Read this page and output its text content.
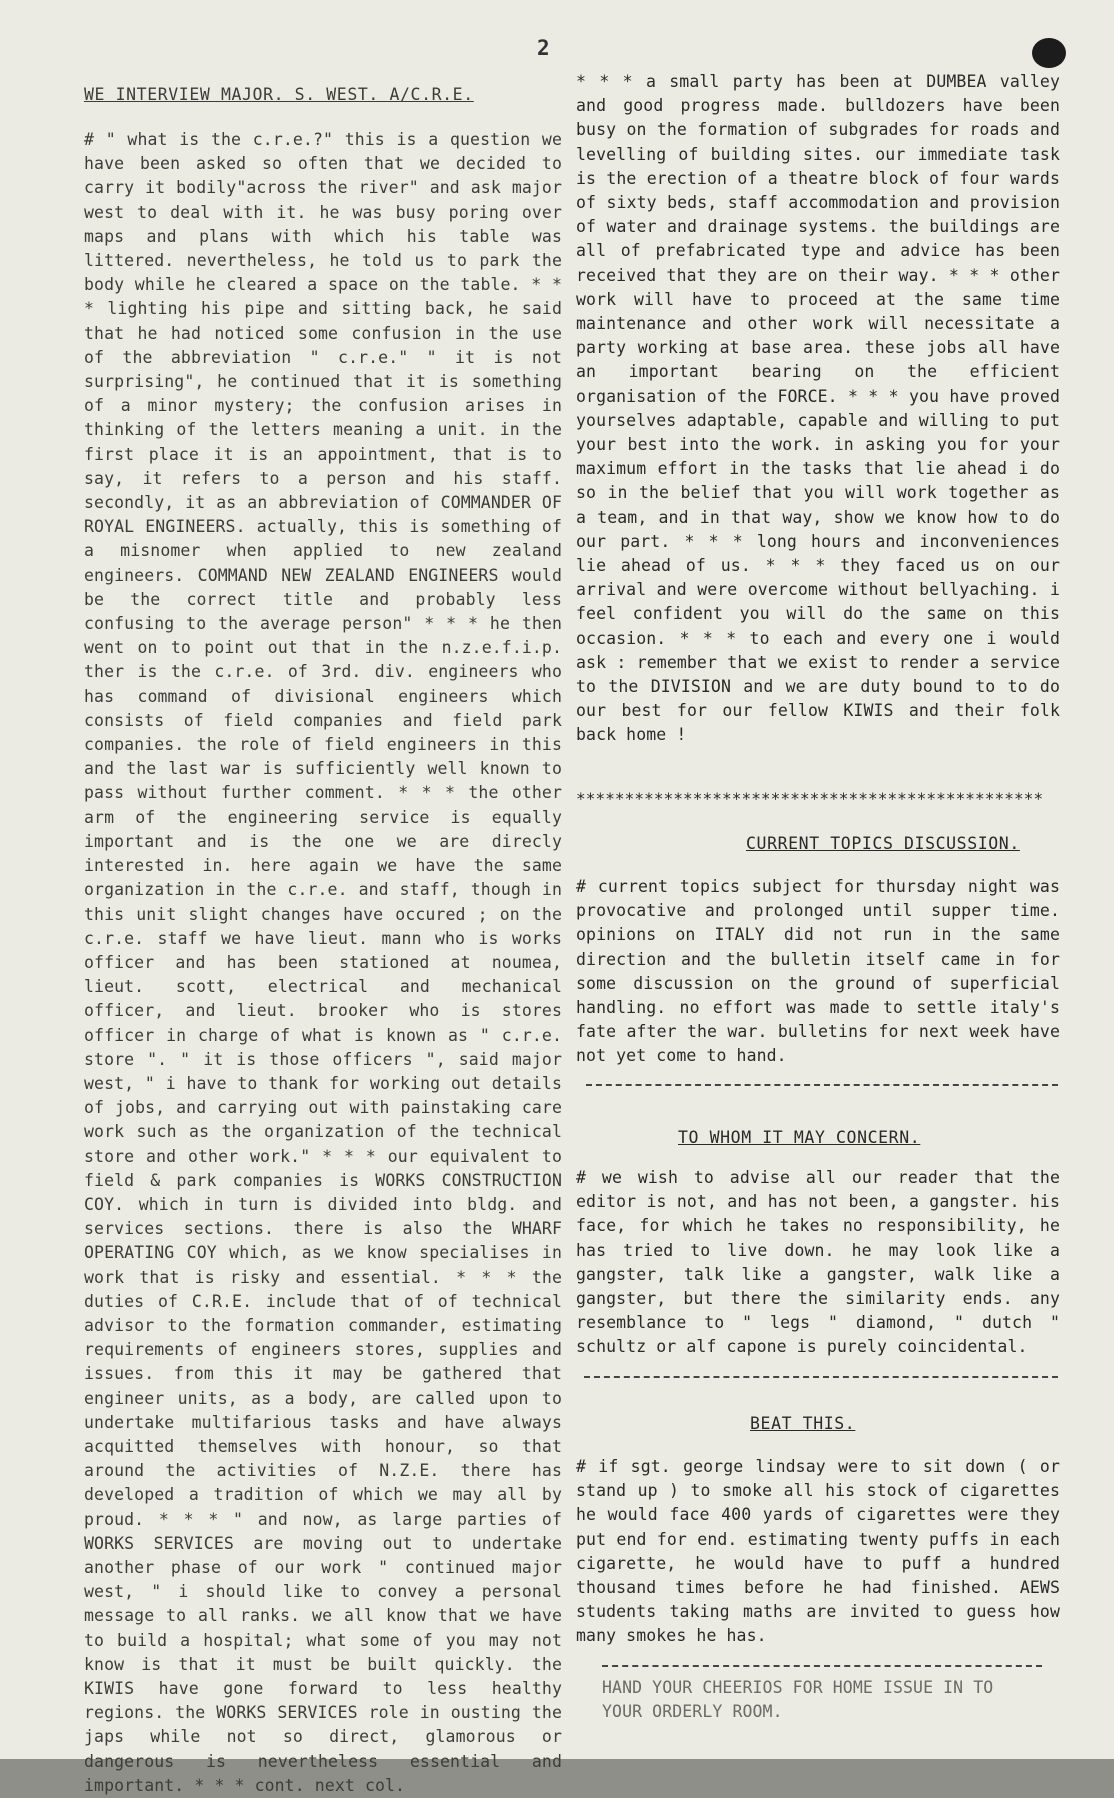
2
WE INTERVIEW MAJOR. S. WEST. A/C.R.E.
# " what is the c.r.e.?" this is a question we have been asked so often that we decided to carry it bodily"across the river" and ask major west to deal with it. he was busy poring over maps and plans with which his table was littered. nevertheless, he told us to park the body while he cleared a space on the table. * * * lighting his pipe and sitting back, he said that he had noticed some confusion in the use of the abbreviation " c.r.e." " it is not surprising", he continued that it is something of a minor mystery; the confusion arises in thinking of the letters meaning a unit. in the first place it is an appointment, that is to say, it refers to a person and his staff. secondly, it as an abbreviation of COMMANDER OF ROYAL ENGINEERS. actually, this is something of a misnomer when applied to new zealand engineers. COMMAND NEW ZEALAND ENGINEERS would be the correct title and probably less confusing to the average person" * * * he then went on to point out that in the n.z.e.f.i.p. ther is the c.r.e. of 3rd. div. engineers who has command of divisional engineers which consists of field companies and field park companies. the role of field engineers in this and the last war is sufficiently well known to pass without further comment. * * * the other arm of the engineering service is equally important and is the one we are direcly interested in. here again we have the same organization in the c.r.e. and staff, though in this unit slight changes have occured ; on the c.r.e. staff we have lieut. mann who is works officer and has been stationed at noumea, lieut. scott, electrical and mechanical officer, and lieut. brooker who is stores officer in charge of what is known as " c.r.e. store ". " it is those officers ", said major west, " i have to thank for working out details of jobs, and carrying out with painstaking care work such as the organization of the technical store and other work." * * * our equivalent to field & park companies is WORKS CONSTRUCTION COY. which in turn is divided into bldg. and services sections. there is also the WHARF OPERATING COY which, as we know specialises in work that is risky and essential. * * * the duties of C.R.E. include that of of technical advisor to the formation commander, estimating requirements of engineers stores, supplies and issues. from this it may be gathered that engineer units, as a body, are called upon to undertake multifarious tasks and have always acquitted themselves with honour, so that around the activities of N.Z.E. there has developed a tradition of which we may all by proud. * * * " and now, as large parties of WORKS SERVICES are moving out to undertake another phase of our work " continued major west, " i should like to convey a personal message to all ranks. we all know that we have to build a hospital; what some of you may not know is that it must be built quickly. the KIWIS have gone forward to less healthy regions. the WORKS SERVICES role in ousting the japs while not so direct, glamorous or dangerous is nevertheless essential and important. * * * cont. next col.
* * * a small party has been at DUMBEA valley and good progress made. bulldozers have been busy on the formation of subgrades for roads and levelling of building sites. our immediate task is the erection of a theatre block of four wards of sixty beds, staff accommodation and provision of water and drainage systems. the buildings are all of prefabricated type and advice has been received that they are on their way. * * * other work will have to proceed at the same time maintenance and other work will necessitate a party working at base area. these jobs all have an important bearing on the efficient organisation of the FORCE. * * * you have proved yourselves adaptable, capable and willing to put your best into the work. in asking you for your maximum effort in the tasks that lie ahead i do so in the belief that you will work together as a team, and in that way, show we know how to do our part. * * * long hours and inconveniences lie ahead of us. * * * they faced us on our arrival and were overcome without bellyaching. i feel confident you will do the same on this occasion. * * * to each and every one i would ask : remember that we exist to render a service to the DIVISION and we are duty bound to to do our best for our fellow KIWIS and their folk back home !
************************************************
CURRENT TOPICS DISCUSSION.
# current topics subject for thursday night was provocative and prolonged until supper time. opinions on ITALY did not run in the same direction and the bulletin itself came in for some discussion on the ground of superficial handling. no effort was made to settle italy's fate after the war. bulletins for next week have not yet come to hand.
TO WHOM IT MAY CONCERN.
# we wish to advise all our reader that the editor is not, and has not been, a gangster. his face, for which he takes no responsibility, he has tried to live down. he may look like a gangster, talk like a gangster, walk like a gangster, but there the similarity ends. any resemblance to " legs " diamond, " dutch " schultz or alf capone is purely coincidental.
BEAT THIS.
# if sgt. george lindsay were to sit down ( or stand up ) to smoke all his stock of cigarettes he would face 400 yards of cigarettes were they put end for end. estimating twenty puffs in each cigarette, he would have to puff a hundred thousand times before he had finished. AEWS students taking maths are invited to guess how many smokes he has.
HAND YOUR CHEERIOS FOR HOME ISSUE IN TO YOUR ORDERLY ROOM.
